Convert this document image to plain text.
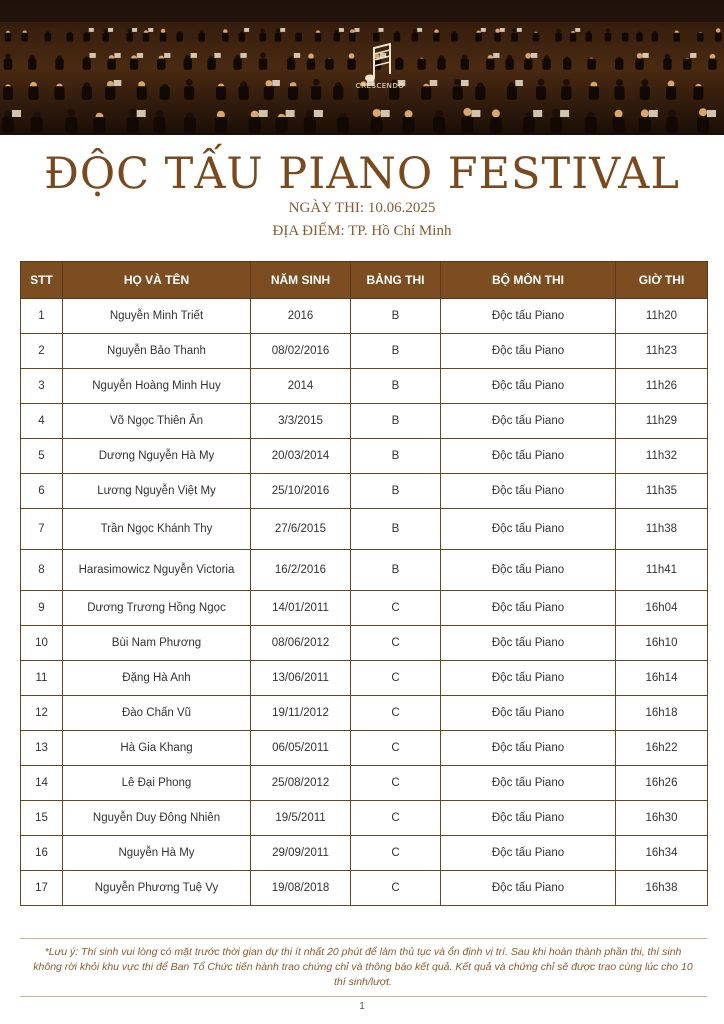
CRESCENDO
ĐỘC TẤU PIANO FESTIVAL
NGÀY THI: 10.06.2025
ĐỊA ĐIỂM: TP. Hồ Chí Minh
STT	HỌ VÀ TÊN	NĂM SINH	BẢNG THI	BỘ MÔN THI	GIỜ THI
1	Nguyễn Minh Triết	2016	B	Độc tấu Piano	11h20
2	Nguyễn Bảo Thanh	08/02/2016	B	Độc tấu Piano	11h23
3	Nguyễn Hoàng Minh Huy	2014	B	Độc tấu Piano	11h26
4	Võ Ngọc Thiên Ân	3/3/2015	B	Độc tấu Piano	11h29
5	Dương Nguyễn Hà My	20/03/2014	B	Độc tấu Piano	11h32
6	Lương Nguyễn Việt My	25/10/2016	B	Độc tấu Piano	11h35
7	Trần Ngọc Khánh Thy	27/6/2015	B	Độc tấu Piano	11h38
8	Harasimowicz Nguyễn Victoria	16/2/2016	B	Độc tấu Piano	11h41
9	Dương Trương Hồng Ngọc	14/01/2011	C	Độc tấu Piano	16h04
10	Bùi Nam Phương	08/06/2012	C	Độc tấu Piano	16h10
11	Đặng Hà Anh	13/06/2011	C	Độc tấu Piano	16h14
12	Đào Chấn Vũ	19/11/2012	C	Độc tấu Piano	16h18
13	Hà Gia Khang	06/05/2011	C	Độc tấu Piano	16h22
14	Lê Đại Phong	25/08/2012	C	Độc tấu Piano	16h26
15	Nguyễn Duy Đông Nhiên	19/5/2011	C	Độc tấu Piano	16h30
16	Nguyễn Hà My	29/09/2011	C	Độc tấu Piano	16h34
17	Nguyễn Phương Tuệ Vy	19/08/2018	C	Độc tấu Piano	16h38
*Lưu ý: Thí sinh vui lòng có mặt trước thời gian dự thi ít nhất 20 phút để làm thủ tục và ổn định vị trí. Sau khi hoàn thành phần thi, thí sinh không rời khỏi khu vực thi để Ban Tổ Chức tiến hành trao chứng chỉ và thông báo kết quả. Kết quả và chứng chỉ sẽ được trao cùng lúc cho 10 thí sinh/lượt.
1
